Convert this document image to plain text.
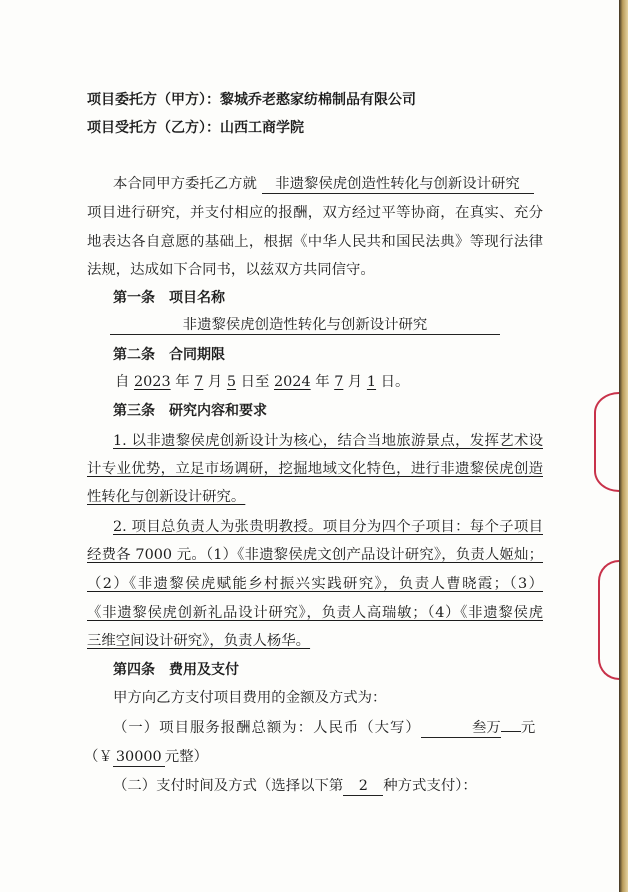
项目委托方（甲方）：黎城乔老憨家纺棉制品有限公司
项目受托方（乙方）：山西工商学院
本合同甲方委托乙方就 非遗黎侯虎创造性转化与创新设计研究
项目进行研究，并支付相应的报酬，双方经过平等协商，在真实、充分
地表达各自意愿的基础上，根据《中华人民共和国民法典》等现行法律
法规，达成如下合同书，以兹双方共同信守。
第一条　项目名称
非遗黎侯虎创造性转化与创新设计研究
第二条　合同期限
自 2023 年 7 月 5 日至 2024 年 7 月 1 日。
第三条　研究内容和要求
1. 以非遗黎侯虎创新设计为核心，结合当地旅游景点，发挥艺术设
计专业优势，立足市场调研，挖掘地域文化特色，进行非遗黎侯虎创造
性转化与创新设计研究。
2. 项目总负责人为张贵明教授。项目分为四个子项目：每个子项目
经费各 7000 元。（1）《非遗黎侯虎文创产品设计研究》，负责人姬灿；
（2）《非遗黎侯虎赋能乡村振兴实践研究》，负责人曹晓霞；（3）
《非遗黎侯虎创新礼品设计研究》，负责人高瑞敏；（4）《非遗黎侯虎
三维空间设计研究》，负责人杨华。
第四条　费用及支付
甲方向乙方支付项目费用的金额及方式为：
（一）项目服务报酬总额为：人民币（大写）	叁万 元
（￥ 30000 元整）
（二）支付时间及方式（选择以下第 2 种方式支付）：
